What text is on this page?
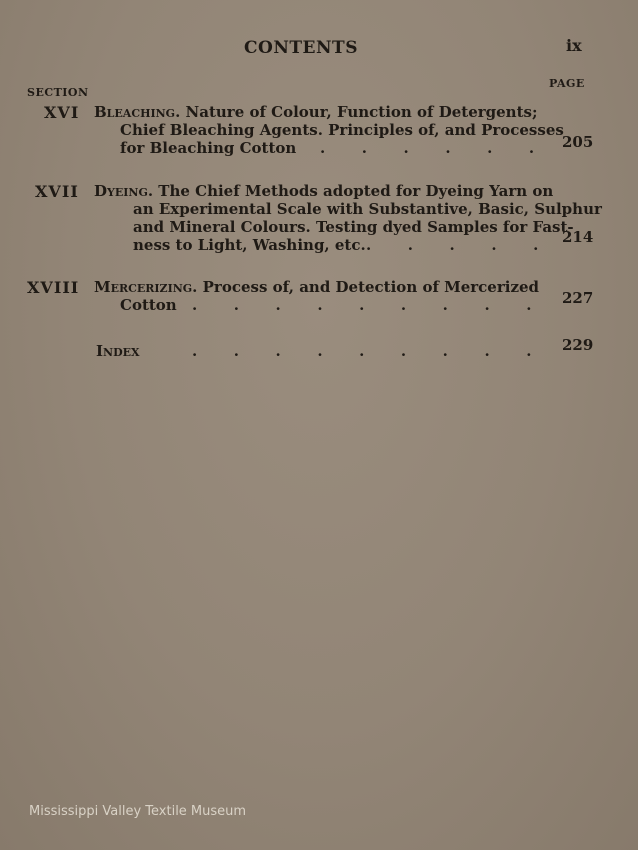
CONTENTS	ix
SECTION
PAGE
XVI Bleaching. Nature of Colour, Function of Detergents;
Chief Bleaching Agents. Principles of, and Processes
for Bleaching Cotton .       .       .       .       .       . 205
XVII Dyeing. The Chief Methods adopted for Dyeing Yarn on
an Experimental Scale with Substantive, Basic, Sulphur
and Mineral Colours. Testing dyed Samples for Fast-
ness to Light, Washing, etc. .       .       .       .       . 214
XVIII Mercerizing. Process of, and Detection of Mercerized
Cotton .       .       .       .       .       .       .       .       . 227
Index	.       .       .       .       .       .       .       .       . 229
Mississippi Valley Textile Museum
